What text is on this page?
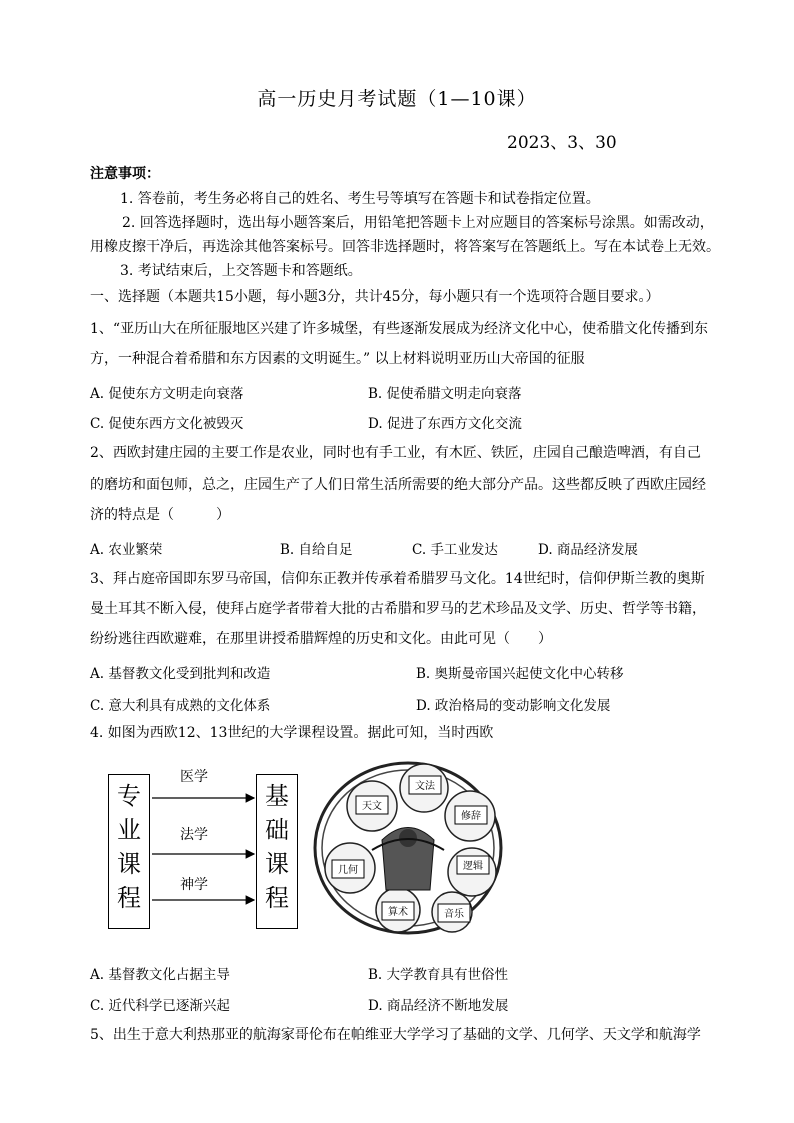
高一历史月考试题（1—10课）
2023、3、30
注意事项：
1. 答卷前，考生务必将自己的姓名、考生号等填写在答题卡和试卷指定位置。
2. 回答选择题时，选出每小题答案后，用铅笔把答题卡上对应题目的答案标号涂黑。如需改动，
用橡皮擦干净后，再选涂其他答案标号。回答非选择题时，将答案写在答题纸上。写在本试卷上无效。
3. 考试结束后，上交答题卡和答题纸。
一、选择题（本题共15小题，每小题3分，共计45分，每小题只有一个选项符合题目要求。）
1、“亚历山大在所征服地区兴建了许多城堡，有些逐渐发展成为经济文化中心，使希腊文化传播到东
方，一种混合着希腊和东方因素的文明诞生。” 以上材料说明亚历山大帝国的征服
A. 促使东方文明走向衰落	B. 促使希腊文明走向衰落
C. 促使东西方文化被毁灭	D. 促进了东西方文化交流
2、西欧封建庄园的主要工作是农业，同时也有手工业，有木匠、铁匠，庄园自己酿造啤酒，有自己
的磨坊和面包师，总之，庄园生产了人们日常生活所需要的绝大部分产品。这些都反映了西欧庄园经
济的特点是（　　　）
A. 农业繁荣	B. 自给自足	C. 手工业发达	D. 商品经济发展
3、拜占庭帝国即东罗马帝国，信仰东正教并传承着希腊罗马文化。14世纪时，信仰伊斯兰教的奥斯
曼土耳其不断入侵，使拜占庭学者带着大批的古希腊和罗马的艺术珍品及文学、历史、哲学等书籍，
纷纷逃往西欧避难，在那里讲授希腊辉煌的历史和文化。由此可见（　　）
A. 基督教文化受到批判和改造	B. 奥斯曼帝国兴起使文化中心转移
C. 意大利具有成熟的文化体系	D. 政治格局的变动影响文化发展
4. 如图为西欧12、13世纪的大学课程设置。据此可知，当时西欧
专业课程
基础课程
医学
法学
神学
文法
天文
修辞
几何	逻辑
算术	音乐
A. 基督教文化占据主导	B. 大学教育具有世俗性
C. 近代科学已逐渐兴起	D. 商品经济不断地发展
5、出生于意大利热那亚的航海家哥伦布在帕维亚大学学习了基础的文学、几何学、天文学和航海学
